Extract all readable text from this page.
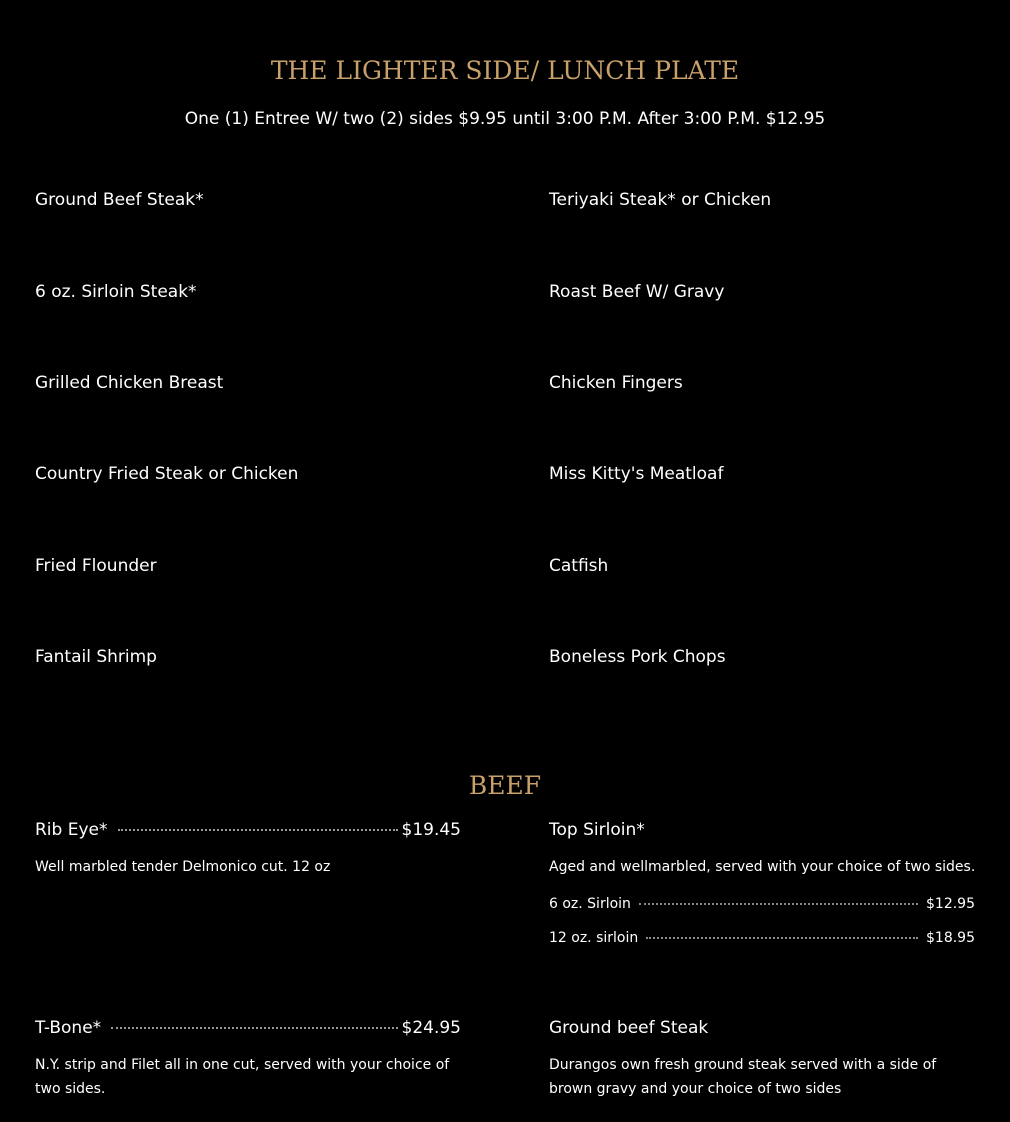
THE LIGHTER SIDE/ LUNCH PLATE
One (1) Entree W/ two (2) sides $9.95 until 3:00 P.M. After 3:00 P.M. $12.95
Ground Beef Steak*
6 oz. Sirloin Steak*
Grilled Chicken Breast
Country Fried Steak or Chicken
Fried Flounder
Fantail Shrimp
Teriyaki Steak* or Chicken
Roast Beef W/ Gravy
Chicken Fingers
Miss Kitty's Meatloaf
Catfish
Boneless Pork Chops
BEEF
Rib Eye*	$19.45
Well marbled tender Delmonico cut. 12 oz
Top Sirloin*
Aged and wellmarbled, served with your choice of two sides.
6 oz. Sirloin	$12.95
12 oz. sirloin	$18.95
T-Bone*	$24.95
N.Y. strip and Filet all in one cut, served with your choice of two sides.
Ground beef Steak
Durangos own fresh ground steak served with a side of brown gravy and your choice of two sides
